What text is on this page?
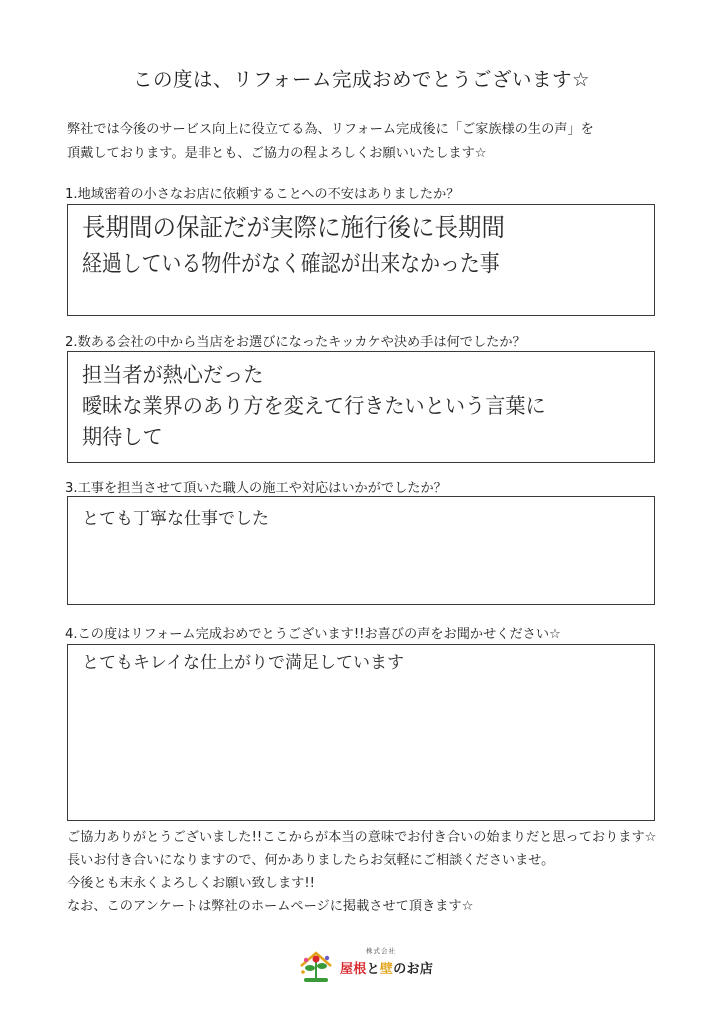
この度は、リフォーム完成おめでとうございます☆
弊社では今後のサービス向上に役立てる為、リフォーム完成後に「ご家族様の生の声」を
頂戴しております。是非とも、ご協力の程よろしくお願いいたします☆
1.地域密着の小さなお店に依頼することへの不安はありましたか？
長期間の保証だが実際に施行後に長期間
経過している物件がなく確認が出来なかった事
2.数ある会社の中から当店をお選びになったキッカケや決め手は何でしたか？
担当者が熱心だった
曖昧な業界のあり方を変えて行きたいという言葉に
期待して
3.工事を担当させて頂いた職人の施工や対応はいかがでしたか？
とても丁寧な仕事でした
4.この度はリフォーム完成おめでとうございます!!お喜びの声をお聞かせください☆
とてもキレイな仕上がりで満足しています
ご協力ありがとうございました!!ここからが本当の意味でお付き合いの始まりだと思っております☆
長いお付き合いになりますので、何かありましたらお気軽にご相談くださいませ。
今後とも末永くよろしくお願い致します!!
なお、このアンケートは弊社のホームページに掲載させて頂きます☆
株式会社
屋根と壁のお店
